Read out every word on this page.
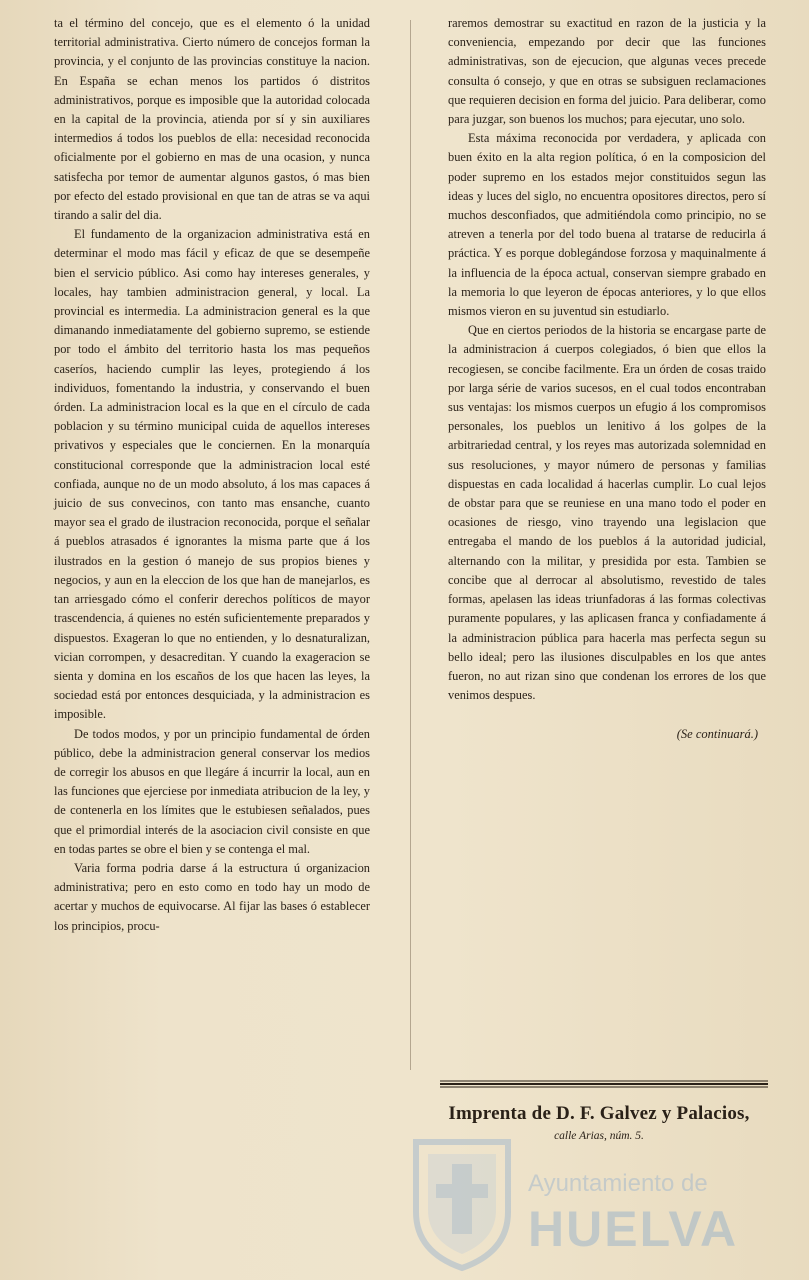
ta el término del concejo, que es el elemento ó la unidad territorial administrativa. Cierto número de concejos forman la provincia, y el conjunto de las provincias constituye la nacion. En España se echan menos los partidos ó distritos administrativos, porque es imposible que la autoridad colocada en la capital de la provincia, atienda por sí y sin auxiliares intermedios á todos los pueblos de ella: necesidad reconocida oficialmente por el gobierno en mas de una ocasion, y nunca satisfecha por temor de aumentar algunos gastos, ó mas bien por efecto del estado provisional en que tan de atras se va aqui tirando a salir del dia.

El fundamento de la organizacion administrativa está en determinar el modo mas fácil y eficaz de que se desempeñe bien el servicio público. Asi como hay intereses generales, y locales, hay tambien administracion general, y local. La provincial es intermedia. La administracion general es la que dimanando inmediatamente del gobierno supremo, se estiende por todo el ámbito del territorio hasta los mas pequeños caseríos, haciendo cumplir las leyes, protegiendo á los individuos, fomentando la industria, y conservando el buen órden. La administracion local es la que en el círculo de cada poblacion y su término municipal cuida de aquellos intereses privativos y especiales que le conciernen. En la monarquía constitucional corresponde que la administracion local esté confiada, aunque no de un modo absoluto, á los mas capaces á juicio de sus convecinos, con tanto mas ensanche, cuanto mayor sea el grado de ilustracion reconocida, porque el señalar á pueblos atrasados é ignorantes la misma parte que á los ilustrados en la gestion ó manejo de sus propios bienes y negocios, y aun en la eleccion de los que han de manejarlos, es tan arriesgado cómo el conferir derechos políticos de mayor trascendencia, á quienes no estén suficientemente preparados y dispuestos. Exageran lo que no entienden, y lo desnaturalizan, vician corrompen, y desacreditan. Y cuando la exageracion se sienta y domina en los escaños de los que hacen las leyes, la sociedad está por entonces desquiciada, y la administracion es imposible.

De todos modos, y por un principio fundamental de órden público, debe la administracion general conservar los medios de corregir los abusos en que llegáre á incurrir la local, aun en las funciones que ejerciese por inmediata atribucion de la ley, y de contenerla en los límites que le estubiesen señalados, pues que el primordial interés de la asociacion civil consiste en que en todas partes se obre el bien y se contenga el mal.

Varia forma podria darse á la estructura ú organizacion administrativa; pero en esto como en todo hay un modo de acertar y muchos de equivocarse. Al fijar las bases ó establecer los principios, procu-

raremos demostrar su exactitud en razon de la justicia y la conveniencia, empezando por decir que las funciones administrativas, son de ejecucion, que algunas veces precede consulta ó consejo, y que en otras se subsiguen reclamaciones que requieren decision en forma del juicio. Para deliberar, como para juzgar, son buenos los muchos; para ejecutar, uno solo.

Esta máxima reconocida por verdadera, y aplicada con buen éxito en la alta region política, ó en la composicion del poder supremo en los estados mejor constituidos segun las ideas y luces del siglo, no encuentra opositores directos, pero sí muchos desconfiados, que admitiéndola como principio, no se atreven a tenerla por del todo buena al tratarse de reducirla á práctica. Y es porque doblegándose forzosa y maquinalmente á la influencia de la época actual, conservan siempre grabado en la memoria lo que leyeron de épocas anteriores, y lo que ellos mismos vieron en su juventud sin estudiarlo.

Que en ciertos periodos de la historia se encargase parte de la administracion á cuerpos colegiados, ó bien que ellos la recogiesen, se concibe facilmente. Era un órden de cosas traido por larga série de varios sucesos, en el cual todos encontraban sus ventajas: los mismos cuerpos un efugio á los compromisos personales, los pueblos un lenitivo á los golpes de la arbitrariedad central, y los reyes mas autorizada solemnidad en sus resoluciones, y mayor número de personas y familias dispuestas en cada localidad á hacerlas cumplir. Lo cual lejos de obstar para que se reuniese en una mano todo el poder en ocasiones de riesgo, vino trayendo una legislacion que entregaba el mando de los pueblos á la autoridad judicial, alternando con la militar, y presidida por esta. Tambien se concibe que al derrocar al absolutismo, revestido de tales formas, apelasen las ideas triunfadoras á las formas colectivas puramente populares, y las aplicasen franca y confiadamente á la administracion pública para hacerla mas perfecta segun su bello ideal; pero las ilusiones disculpables en los que antes fueron, no aut rizan sino que condenan los errores de los que venimos despues.

(Se continuará.)
Imprenta de D. F. Galvez y Palacios,
calle Arias, núm. 5.
Ayuntamiento de
HUELVA
